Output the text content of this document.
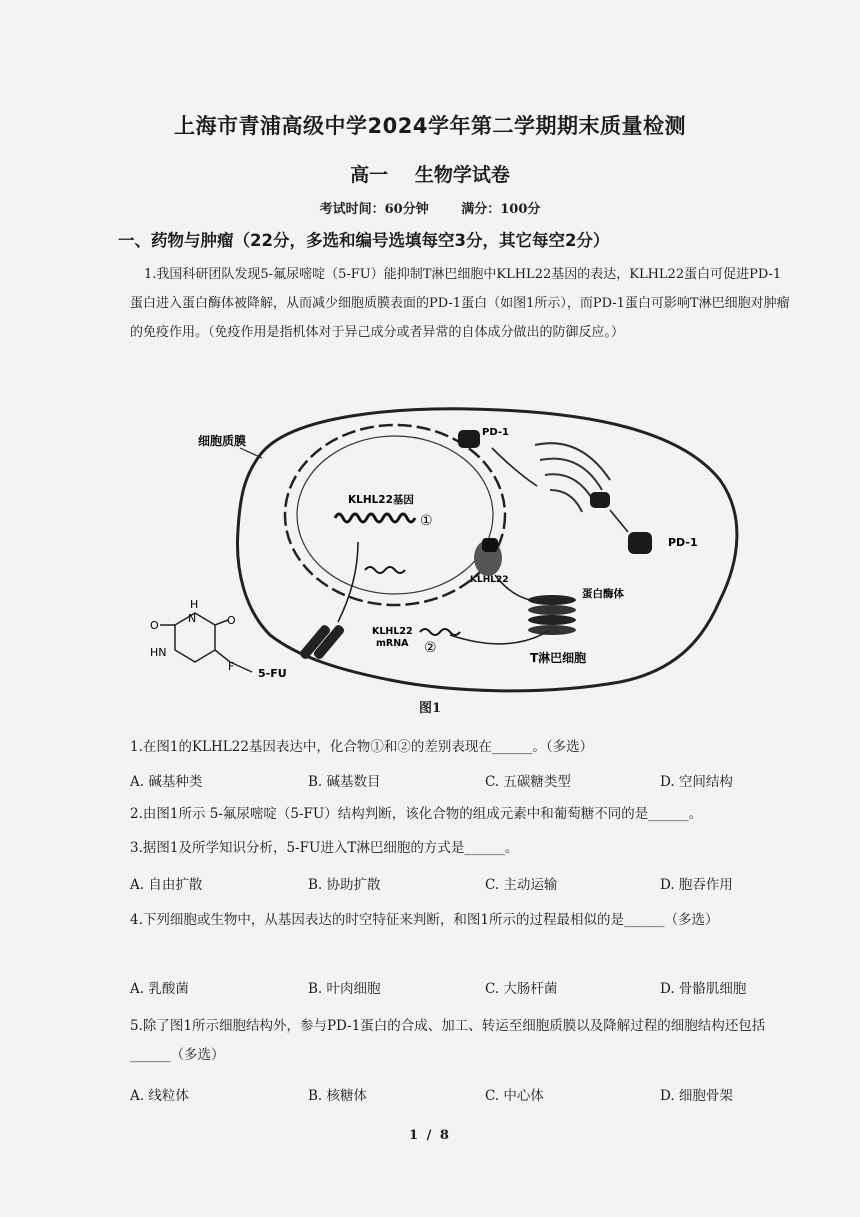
上海市青浦高级中学2024学年第二学期期末质量检测
高一 生物学试卷
考试时间：60分钟	满分：100分
一、药物与肿瘤（22分，多选和编号选填每空3分，其它每空2分）

1.我国科研团队发现5-氟尿嘧啶（5-FU）能抑制T淋巴细胞中KLHL22基因的表达，KLHL22蛋白可促进PD-1蛋白进入蛋白酶体被降解，从而减少细胞质膜表面的PD-1蛋白（如图1所示），而PD-1蛋白可影响T淋巴细胞对肿瘤的免疫作用。（免疫作用是指机体对于异己成分或者异常的自体成分做出的防御反应。）

细胞质膜
KLHL22基因
①
KLHL22
mRNA ②
PD-1
PD-1
KLHL22
蛋白酶体
T淋巴细胞
5-FU
H
N
O	O
HN
F
图1

1.在图1的KLHL22基因表达中，化合物①和②的差别表现在______。（多选）

A. 碱基种类	B. 碱基数目	C. 五碳糖类型	D. 空间结构

2.由图1所示 5-氟尿嘧啶（5-FU）结构判断，该化合物的组成元素中和葡萄糖不同的是______。

3.据图1及所学知识分析，5-FU进入T淋巴细胞的方式是______。

A. 自由扩散	B. 协助扩散	C. 主动运输	D. 胞吞作用

4.下列细胞或生物中，从基因表达的时空特征来判断，和图1所示的过程最相似的是______（多选）

A. 乳酸菌	B. 叶肉细胞	C. 大肠杆菌	D. 骨骼肌细胞

5.除了图1所示细胞结构外，参与PD-1蛋白的合成、加工、转运至细胞质膜以及降解过程的细胞结构还包括______（多选）

A. 线粒体	B. 核糖体	C. 中心体	D. 细胞骨架
1 / 8
